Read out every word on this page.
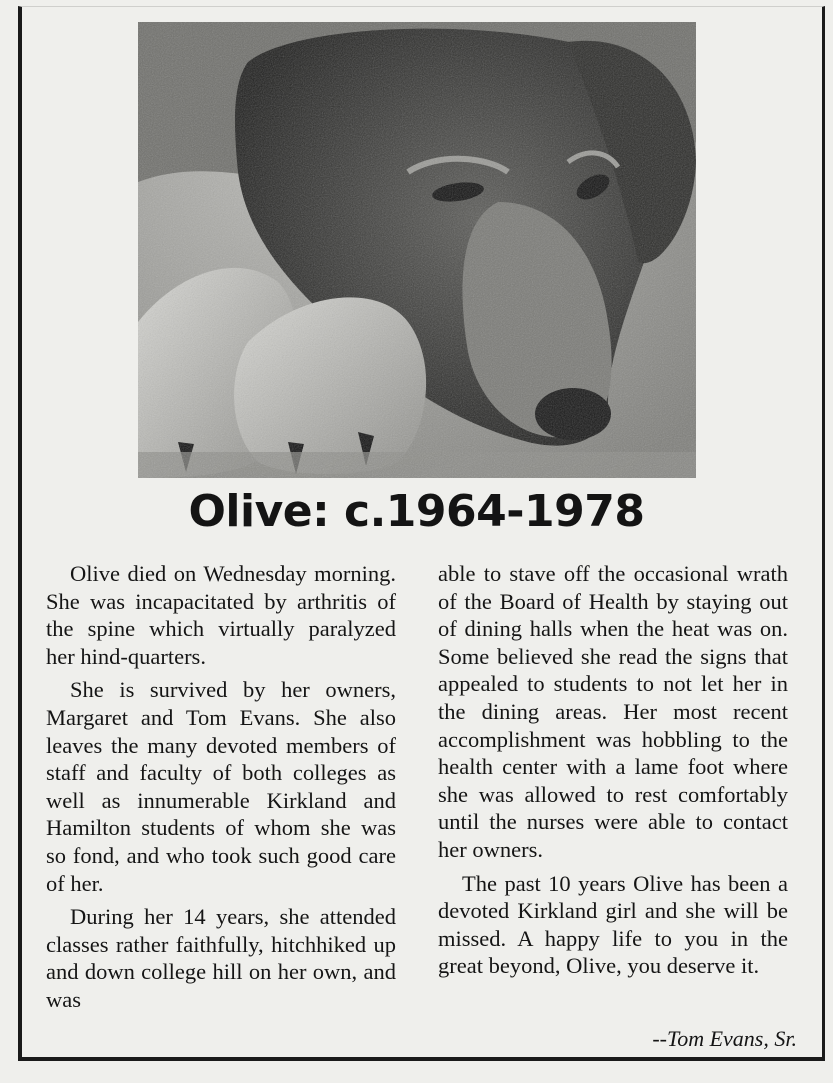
Olive: c.1964-1978

Olive died on Wednesday morning. She was incapacitated by arthritis of the spine which virtually paralyzed her hind-quarters.

She is survived by her owners, Margaret and Tom Evans. She also leaves the many devoted members of staff and faculty of both colleges as well as innumerable Kirkland and Hamilton students of whom she was so fond, and who took such good care of her.

During her 14 years, she attended classes rather faithfully, hitchhiked up and down college hill on her own, and was

able to stave off the occasional wrath of the Board of Health by staying out of dining halls when the heat was on. Some believed she read the signs that appealed to students to not let her in the dining areas. Her most recent accomplishment was hobbling to the health center with a lame foot where she was allowed to rest comfortably until the nurses were able to contact her owners.

The past 10 years Olive has been a devoted Kirkland girl and she will be missed. A happy life to you in the great beyond, Olive, you deserve it.

--Tom Evans, Sr.
